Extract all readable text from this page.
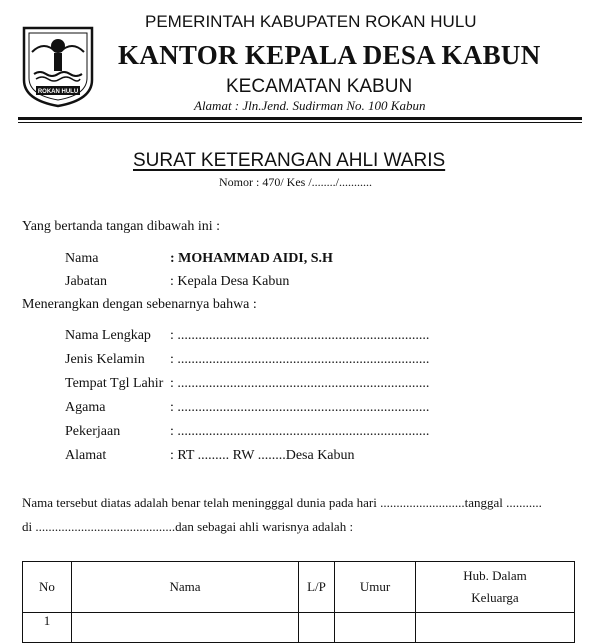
ROKAN HULU
PEMERINTAH KABUPATEN ROKAN HULU
KANTOR KEPALA DESA KABUN
KECAMATAN KABUN
Alamat : Jln.Jend. Sudirman No. 100 Kabun
SURAT KETERANGAN AHLI WARIS
Nomor : 470/ Kes /......../...........
Yang bertanda tangan dibawah ini :
Nama	: MOHAMMAD AIDI, S.H
Jabatan	: Kepala Desa Kabun
Menerangkan dengan sebenarnya bahwa :
Nama Lengkap : ........................................................................
Jenis Kelamin : ........................................................................
Tempat Tgl Lahir : ........................................................................
Agama	: ........................................................................
Pekerjaan	: ........................................................................
Alamat	: RT ......... RW ........Desa Kabun
Nama tersebut diatas adalah benar telah meningggal dunia pada hari ..........................tanggal ...........
di ...........................................dan sebagai ahli warisnya adalah :
No	Nama	L/P	Umur	Hub. Dalam
Keluarga
1				
